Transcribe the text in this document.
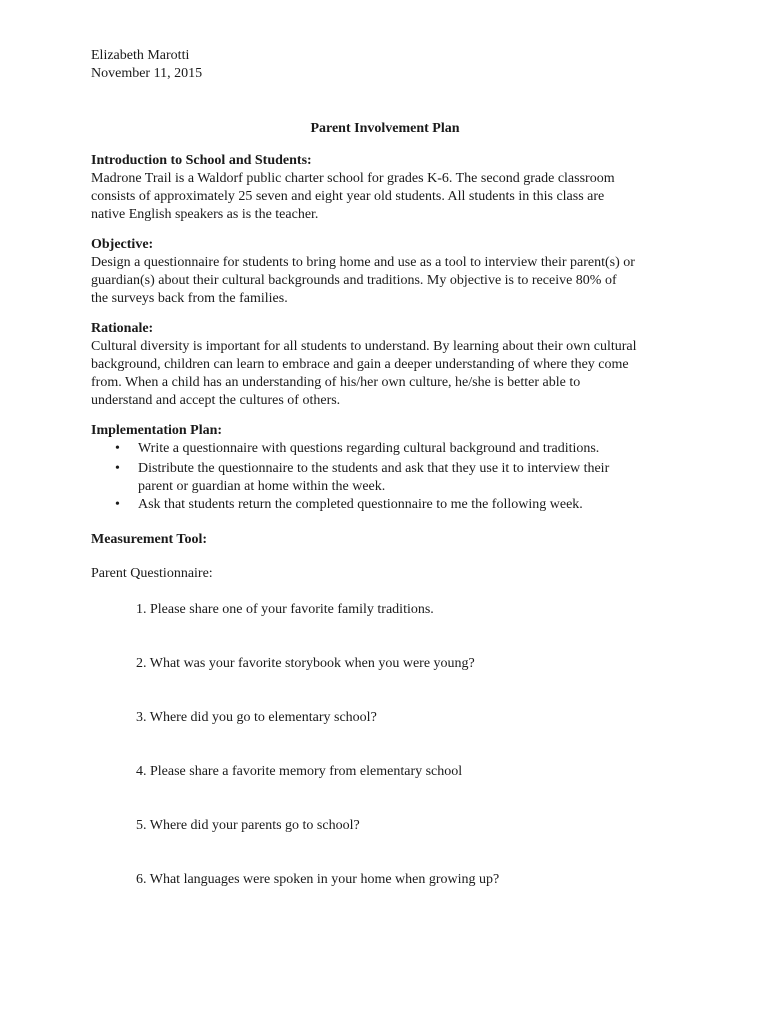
Elizabeth Marotti
November 11, 2015
Parent Involvement Plan
Introduction to School and Students:
Madrone Trail is a Waldorf public charter school for grades K-6. The second grade classroom
consists of approximately 25 seven and eight year old students. All students in this class are
native English speakers as is the teacher.
Objective:
Design a questionnaire for students to bring home and use as a tool to interview their parent(s) or
guardian(s) about their cultural backgrounds and traditions. My objective is to receive 80% of
the surveys back from the families.
Rationale:
Cultural diversity is important for all students to understand. By learning about their own cultural
background, children can learn to embrace and gain a deeper understanding of where they come
from. When a child has an understanding of his/her own culture, he/she is better able to
understand and accept the cultures of others.
Implementation Plan:
• Write a questionnaire with questions regarding cultural background and traditions.
• Distribute the questionnaire to the students and ask that they use it to interview their
parent or guardian at home within the week.
• Ask that students return the completed questionnaire to me the following week.
Measurement Tool:
Parent Questionnaire:
1. Please share one of your favorite family traditions.
2. What was your favorite storybook when you were young?
3. Where did you go to elementary school?
4. Please share a favorite memory from elementary school
5. Where did your parents go to school?
6. What languages were spoken in your home when growing up?
